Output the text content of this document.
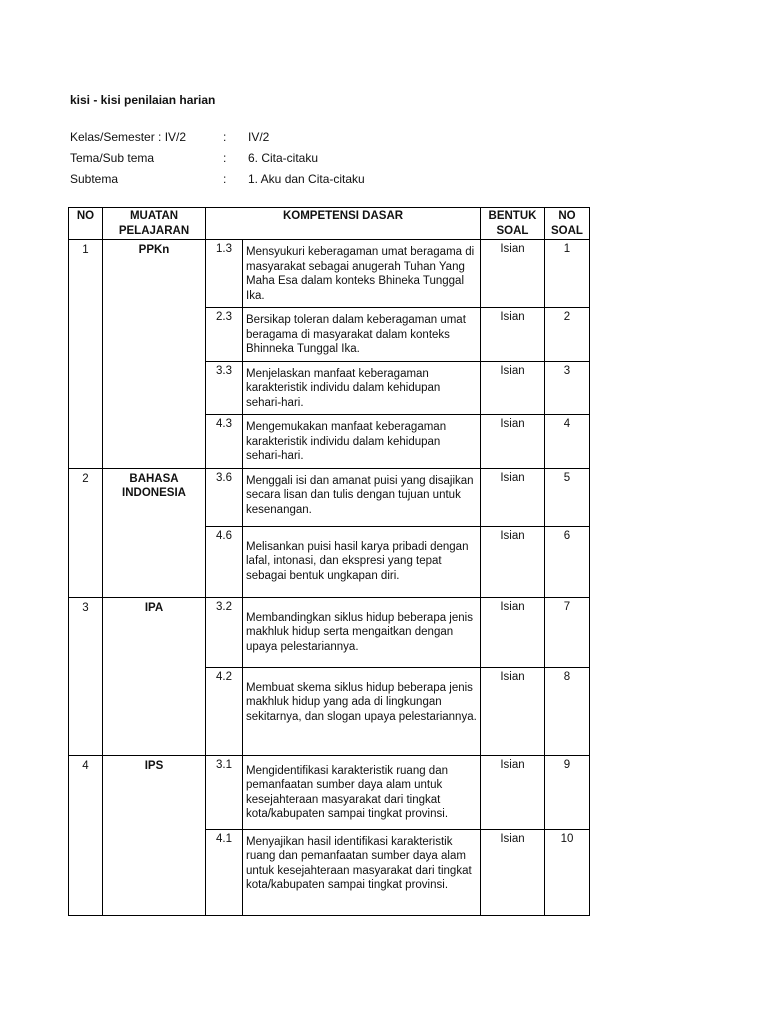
kisi - kisi penilaian harian
Kelas/Semester : IV/2	: IV/2
Tema/Sub tema	: 6. Cita-citaku
Subtema	: 1. Aku dan Cita-citaku
NO	MUATAN PELAJARAN	KOMPETENSI DASAR		BENTUK SOAL	NO SOAL
1	PPKn	1.3	Mensyukuri keberagaman umat beragama di masyarakat sebagai anugerah Tuhan Yang Maha Esa dalam konteks Bhineka Tunggal Ika.	Isian	1
		2.3	Bersikap toleran dalam keberagaman umat beragama di masyarakat dalam konteks Bhinneka Tunggal Ika.	Isian	2
		3.3	Menjelaskan manfaat keberagaman karakteristik individu dalam kehidupan sehari-hari.	Isian	3
		4.3	Mengemukakan manfaat keberagaman karakteristik individu dalam kehidupan sehari-hari.	Isian	4
2	BAHASA INDONESIA	3.6	Menggali isi dan amanat puisi yang disajikan secara lisan dan tulis dengan tujuan untuk kesenangan.	Isian	5
		4.6	Melisankan puisi hasil karya pribadi dengan lafal, intonasi, dan ekspresi yang tepat sebagai bentuk ungkapan diri.	Isian	6
3	IPA	3.2	Membandingkan siklus hidup beberapa jenis makhluk hidup serta mengaitkan dengan upaya pelestariannya.	Isian	7
		4.2	Membuat skema siklus hidup beberapa jenis makhluk hidup yang ada di lingkungan sekitarnya, dan slogan upaya pelestariannya.	Isian	8
4	IPS	3.1	Mengidentifikasi karakteristik ruang dan pemanfaatan sumber daya alam untuk kesejahteraan masyarakat dari tingkat kota/kabupaten sampai tingkat provinsi.	Isian	9
		4.1	Menyajikan hasil identifikasi karakteristik ruang dan pemanfaatan sumber daya alam untuk kesejahteraan masyarakat dari tingkat kota/kabupaten sampai tingkat provinsi.	Isian	10
